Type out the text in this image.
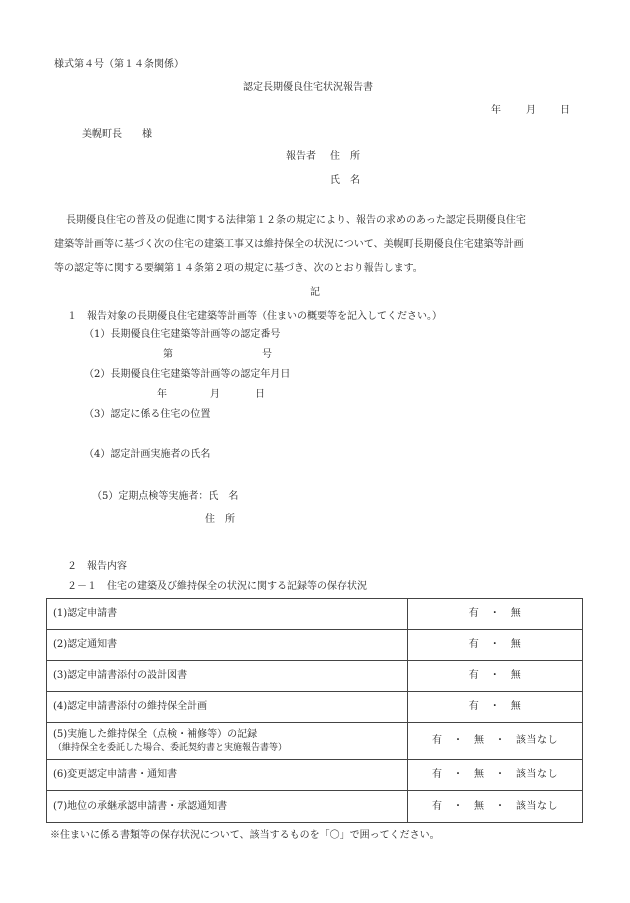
様式第４号（第１４条関係）
認定長期優良住宅状況報告書
年	月 日
美幌町長 様
報告者 住　所
氏　名
長期優良住宅の普及の促進に関する法律第１２条の規定により、報告の求めのあった認定長期優良住宅
建築等計画等に基づく次の住宅の建築工事又は維持保全の状況について、美幌町長期優良住宅建築等計画
等の認定等に関する要綱第１４条第２項の規定に基づき、次のとおり報告します。
記
１　報告対象の長期優良住宅建築等計画等（住まいの概要等を記入してください。）
（1）長期優良住宅建築等計画等の認定番号
第	号
（2）長期優良住宅建築等計画等の認定年月日
年	月	日
（3）認定に係る住宅の位置
（4）認定計画実施者の氏名
（5）定期点検等実施者：氏　名
住　所
２　報告内容
２－１　住宅の建築及び維持保全の状況に関する記録等の保存状況
(1)認定申請書	有　・　無
(2)認定通知書	有　・　無
(3)認定申請書添付の設計図書	有　・　無
(4)認定申請書添付の維持保全計画	有　・　無

(5)実施した維持保全（点検・補修等）の記録
（維持保全を委託した場合、委託契約書と実施報告書等）	有　・　無　・　該当なし
(6)変更認定申請書・通知書	有　・　無　・　該当なし
(7)地位の承継承認申請書・承認通知書	有　・　無　・　該当なし
※住まいに係る書類等の保存状況について、該当するものを「〇」で囲ってください。
